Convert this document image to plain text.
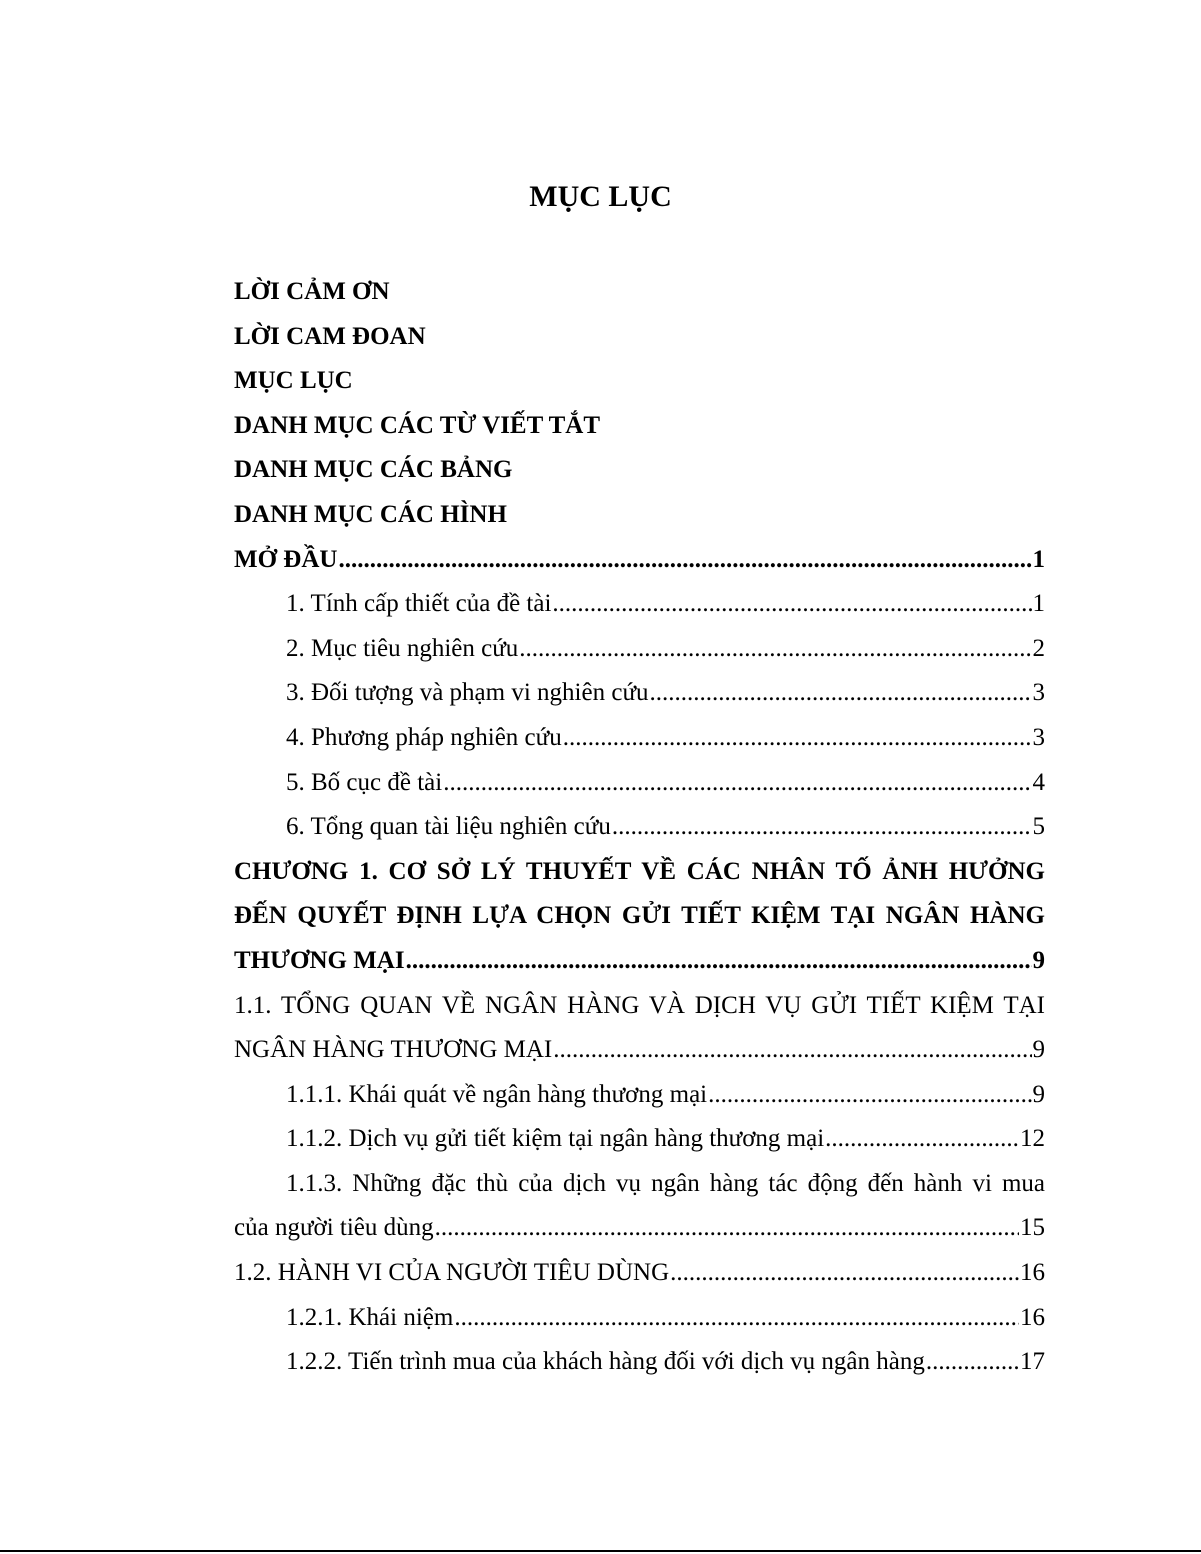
MỤC LỤC
LỜI CẢM ƠN
LỜI CAM ĐOAN
MỤC LỤC
DANH MỤC CÁC TỪ VIẾT TẮT
DANH MỤC CÁC BẢNG
DANH MỤC CÁC HÌNH
MỞ ĐẦU .....	1
1. Tính cấp thiết của đề tài .....	1
2. Mục tiêu nghiên cứu .....	2
3. Đối tượng và phạm vi nghiên cứu .....	3
4. Phương pháp nghiên cứu .....	3
5. Bố cục đề tài .....	4
6. Tổng quan tài liệu nghiên cứu .....	5
CHƯƠNG 1. CƠ SỞ LÝ THUYẾT VỀ CÁC NHÂN TỐ ẢNH HƯỞNG
ĐẾN QUYẾT ĐỊNH LỰA CHỌN GỬI TIẾT KIỆM TẠI NGÂN HÀNG
THƯƠNG MẠI .....	9
1.1. TỔNG QUAN VỀ NGÂN HÀNG VÀ DỊCH VỤ GỬI TIẾT KIỆM TẠI
NGÂN HÀNG THƯƠNG MẠI .....	9
1.1.1. Khái quát về ngân hàng thương mại .....	9
1.1.2. Dịch vụ gửi tiết kiệm tại ngân hàng thương mại .....	12
1.1.3. Những đặc thù của dịch vụ ngân hàng tác động đến hành vi mua
của người tiêu dùng .....	15
1.2. HÀNH VI CỦA NGƯỜI TIÊU DÙNG .....	16
1.2.1. Khái niệm .....	16
1.2.2. Tiến trình mua của khách hàng đối với dịch vụ ngân hàng .....	17
